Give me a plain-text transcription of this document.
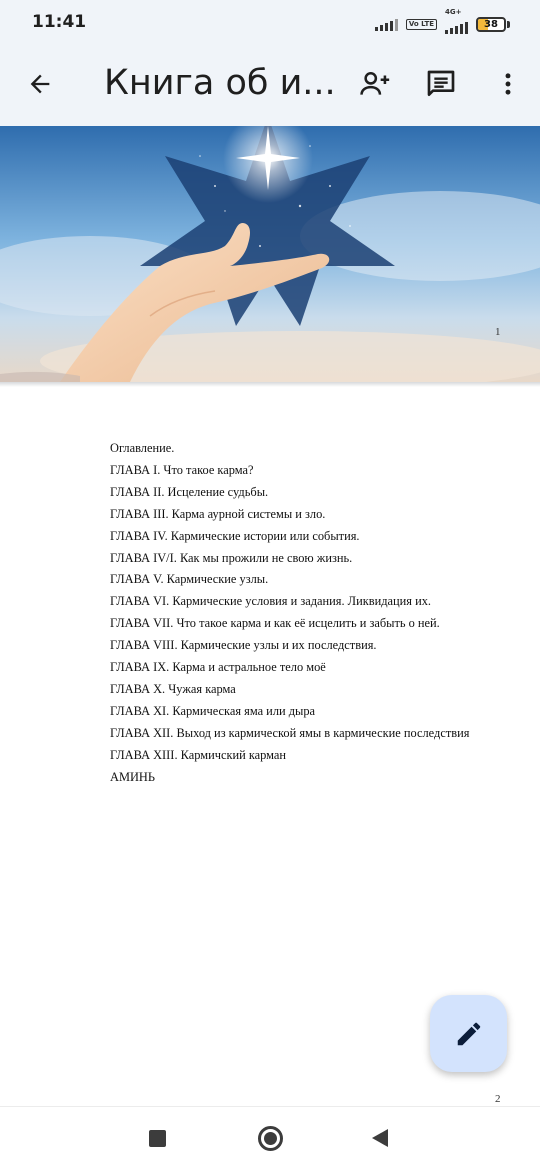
11:41	Vo LTE
4G+
38
Книга об и...
1
Оглавление.
ГЛАВА I. Что такое карма?
ГЛАВА II. Исцеление судьбы.
ГЛАВА III. Карма аурной системы и зло.
ГЛАВА IV. Кармические истории или события.
ГЛАВА IV/I. Как мы прожили не свою жизнь.
ГЛАВА V. Кармические узлы.
ГЛАВА VI. Кармические условия и задания. Ликвидация их.
ГЛАВА VII. Что такое карма и как её исцелить и забыть о ней.
ГЛАВА VIII. Кармические узлы и их последствия.
ГЛАВА IX. Карма и астральное тело моё
ГЛАВА X. Чужая карма
ГЛАВА XI. Кармическая яма или дыра
ГЛАВА XII. Выход из кармической ямы в кармические последствия
ГЛАВА XIII. Кармичский карман
АМИНЬ
2
